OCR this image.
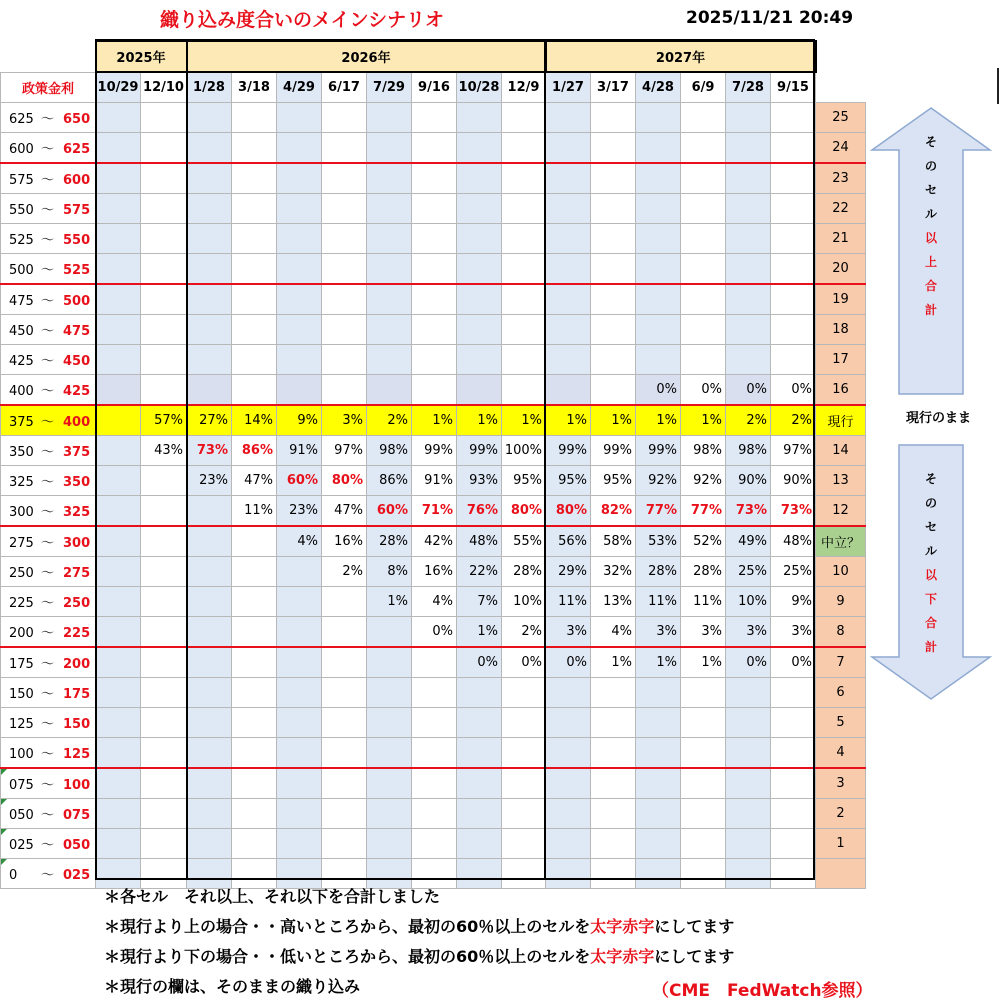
織り込み度合いのメインシナリオ	2025/11/21 20:49
	2025年		2026年								2027年						
政策金利	10/29	12/10	1/28	3/18	4/29	6/17	7/29	9/16	10/28	12/9	1/27	3/17	4/28	6/9	7/28	9/15	
625 ～ 650																	25
600 ～ 625																	24
575 ～ 600																	23
550 ～ 575																	22
525 ～ 550																	21
500 ～ 525																	20
475 ～ 500																	19
450 ～ 475																	18
425 ～ 450																	17
400 ～ 425													0%	0%	0%	0%	16
375 ～ 400		57%	27%	14%	9%	3%	2%	1%	1%	1%	1%	1%	1%	1%	2%	2%	現行
350 ～ 375		43%	73%	86%	91%	97%	98%	99%	99%	100%	99%	99%	99%	98%	98%	97%	14
325 ～ 350			23%	47%	60%	80%	86%	91%	93%	95%	95%	95%	92%	92%	90%	90%	13
300 ～ 325				11%	23%	47%	60%	71%	76%	80%	80%	82%	77%	77%	73%	73%	12
275 ～ 300					4%	16%	28%	42%	48%	55%	56%	58%	53%	52%	49%	48%	中立？
250 ～ 275						2%	8%	16%	22%	28%	29%	32%	28%	28%	25%	25%	10
225 ～ 250							1%	4%	7%	10%	11%	13%	11%	11%	10%	9%	9
200 ～ 225								0%	1%	2%	3%	4%	3%	3%	3%	3%	8
175 ～ 200									0%	0%	0%	1%	1%	1%	0%	0%	7
150 ～ 175																	6
125 ～ 150																	5
100 ～ 125																	4

075 ～ 100																	3

050 ～ 075																	2

025 ～ 050																	1

0 ～ 025																	
そ
の
セ
ル
以
上
合
計
現行のまま
そ
の
セ
ル
以
下
合
計
＊各セル　それ以上、それ以下を合計しました
＊現行より上の場合・・高いところから、最初の60％以上のセルを太字赤字にしてます
＊現行より下の場合・・低いところから、最初の60％以上のセルを太字赤字にしてます
＊現行の欄は、そのままの織り込み	（CME　FedWatch参照）
